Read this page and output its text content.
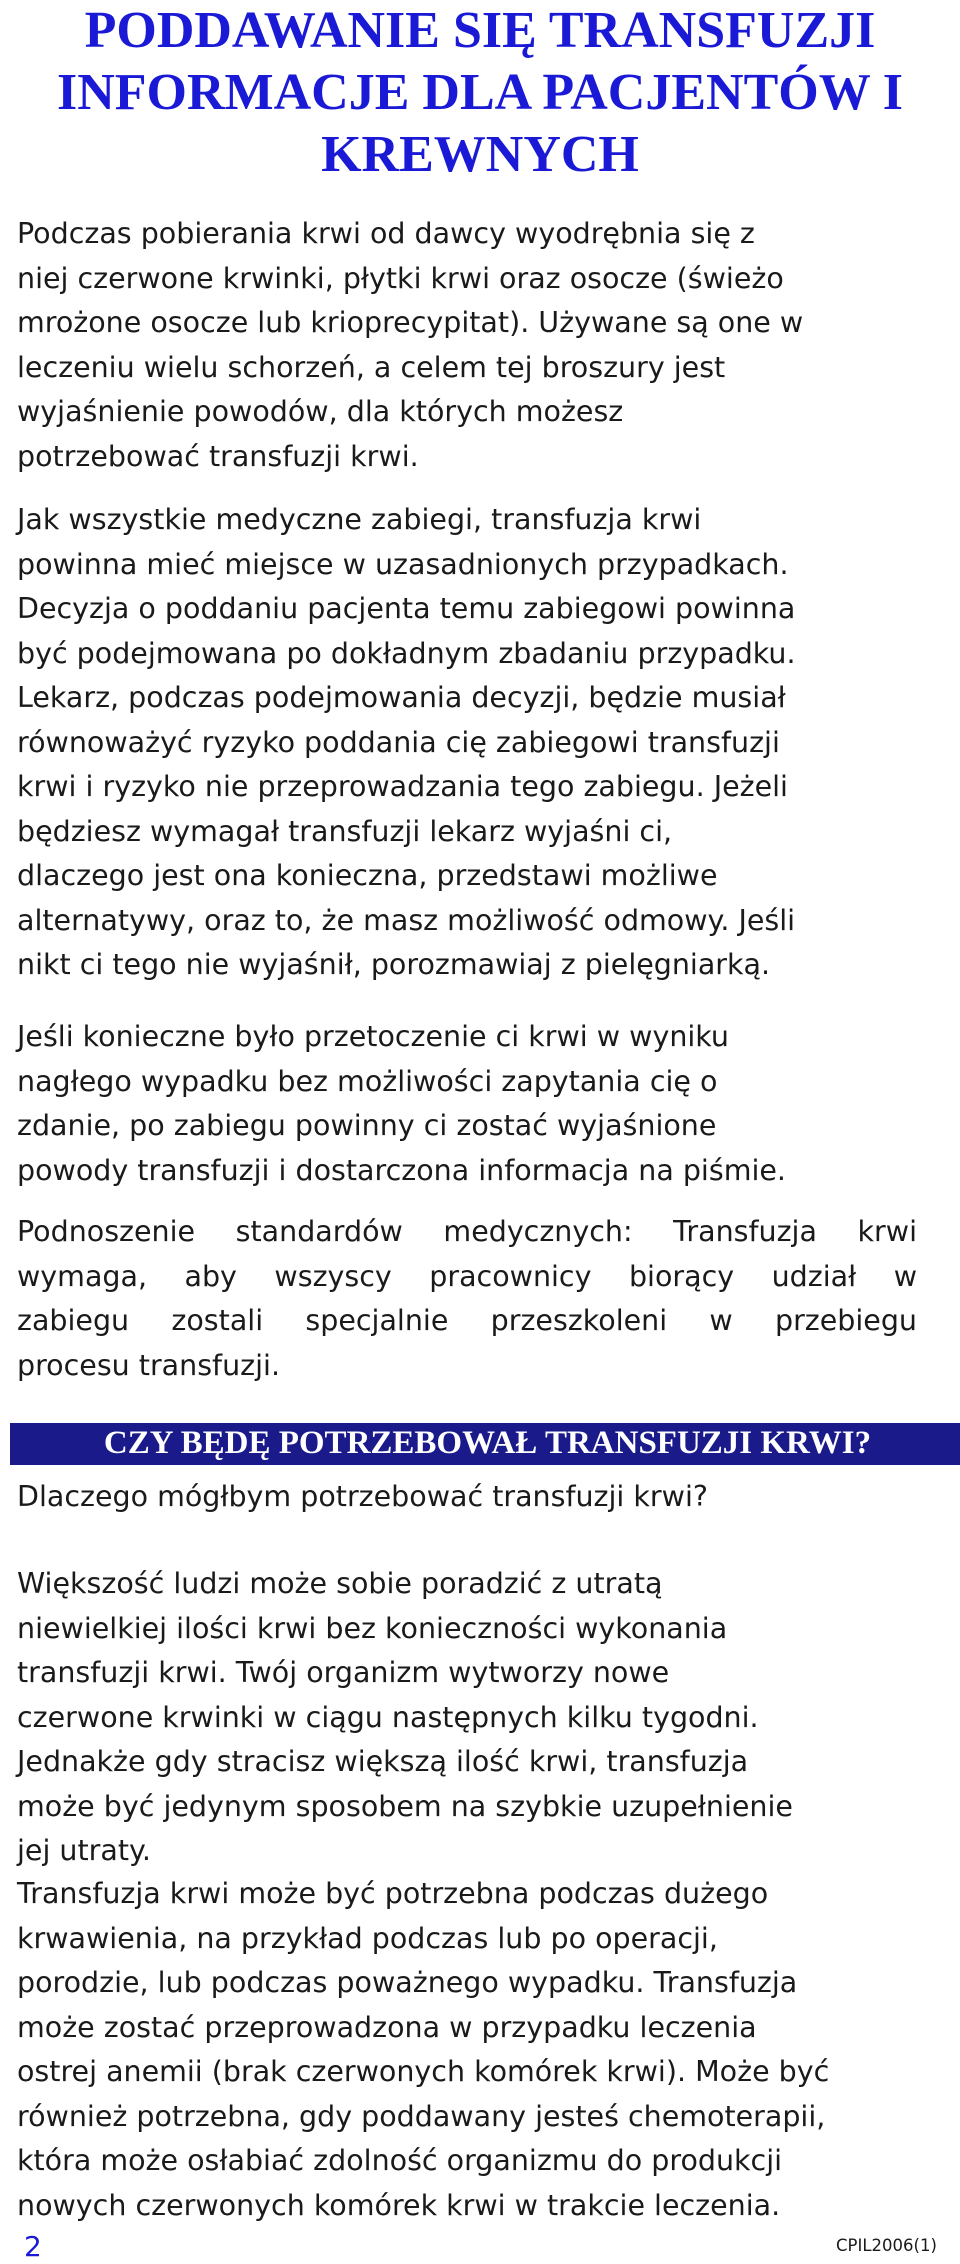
PODDAWANIE SIĘ TRANSFUZJI
INFORMACJE DLA PACJENTÓW I
KREWNYCH

Podczas pobierania krwi od dawcy wyodrębnia się z
niej czerwone krwinki, płytki krwi oraz osocze (świeżo
mrożone osocze lub krioprecypitat). Używane są one w
leczeniu wielu schorzeń, a celem tej broszury jest
wyjaśnienie powodów, dla których możesz
potrzebować transfuzji krwi.

Jak wszystkie medyczne zabiegi, transfuzja krwi
powinna mieć miejsce w uzasadnionych przypadkach.
Decyzja o poddaniu pacjenta temu zabiegowi powinna
być podejmowana po dokładnym zbadaniu przypadku.
Lekarz, podczas podejmowania decyzji, będzie musiał
równoważyć ryzyko poddania cię zabiegowi transfuzji
krwi i ryzyko nie przeprowadzania tego zabiegu. Jeżeli
będziesz wymagał transfuzji lekarz wyjaśni ci,
dlaczego jest ona konieczna, przedstawi możliwe
alternatywy, oraz to, że masz możliwość odmowy. Jeśli
nikt ci tego nie wyjaśnił, porozmawiaj z pielęgniarką.

Jeśli konieczne było przetoczenie ci krwi w wyniku
nagłego wypadku bez możliwości zapytania cię o
zdanie, po zabiegu powinny ci zostać wyjaśnione
powody transfuzji i dostarczona informacja na piśmie.

Podnoszenie standardów medycznych: Transfuzja krwi
wymaga, aby wszyscy pracownicy biorący udział w
zabiegu zostali specjalnie przeszkoleni w przebiegu
procesu transfuzji.

CZY BĘDĘ POTRZEBOWAŁ TRANSFUZJI KRWI?

Dlaczego mógłbym potrzebować transfuzji krwi?

Większość ludzi może sobie poradzić z utratą
niewielkiej ilości krwi bez konieczności wykonania
transfuzji krwi. Twój organizm wytworzy nowe
czerwone krwinki w ciągu następnych kilku tygodni.
Jednakże gdy stracisz większą ilość krwi, transfuzja
może być jedynym sposobem na szybkie uzupełnienie
jej utraty.

Transfuzja krwi może być potrzebna podczas dużego
krwawienia, na przykład podczas lub po operacji,
porodzie, lub podczas poważnego wypadku. Transfuzja
może zostać przeprowadzona w przypadku leczenia
ostrej anemii (brak czerwonych komórek krwi). Może być
również potrzebna, gdy poddawany jesteś chemoterapii,
która może osłabiać zdolność organizmu do produkcji
nowych czerwonych komórek krwi w trakcie leczenia.

2	CPIL2006(1)
